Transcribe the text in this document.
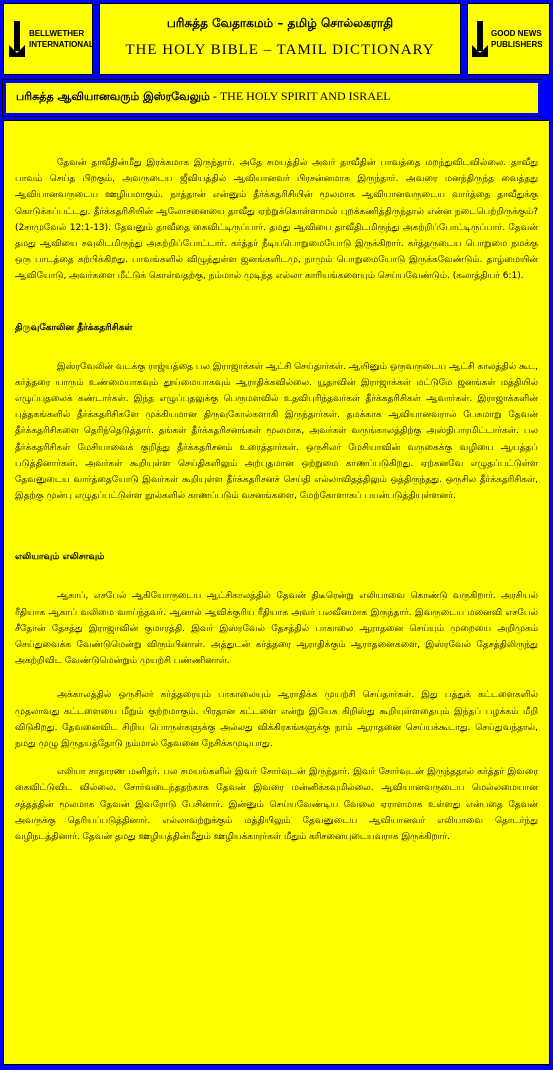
BELLWETHER
INTERNATIONAL
பரிசுத்த வேதாகமம் – தமிழ் சொல்லகராதி
THE HOLY BIBLE – TAMIL DICTIONARY
GOOD NEWS
PUBLISHERS
பரிசுத்த ஆவியானவரும் இஸ்ரவேலும் - THE HOLY SPIRIT AND ISRAEL

தேவன் தாவீதின்மீது இரக்கமாக இருந்தார். அதே சமயத்தில் அவர் தாவீதின் பாவத்தை மறந்துவிடவில்லை. தாவீது பாவம் செய்த பிறகும், அவருடைய ஜீவியத்தில் ஆவியானவர் பிரசன்னமாக இருந்தார். அவரை மனந்திருந்த வைத்தது ஆவியானவருடைய ஊழியமாகும். நாத்தான் என்னும் தீர்க்கதரிசியின் மூலமாக ஆவியானவருடைய வார்த்தை தாவீதுக்கு கொடுக்கப்பட்டது. தீர்க்கதரிசியின் ஆலோசனையை தாவீது ஏற்றுக்கொள்ளாமல் புறக்கணித்திருந்தால் என்ன நடைபெற்றிருக்கும்? (2சாமுவேல் 12:1-13). தேவனும் தாவீதை கைவிட்டிருப்பார். தமது ஆவியை தாவீதிடமிருந்து அகற்றிப்போட்டிருப்பார். தேவன் தமது ஆவியை சவுலிடமிருந்து அகற்றிப்போட்டார். கர்த்தர் நீடியபொறுமையோடு இருக்கிறார். கர்த்தருடைய பொறுமை நமக்கு ஒரு பாடத்தை கற்பிக்கிறது. பாவங்களில் விழுந்துள்ள ஜனங்களிடமு, நாமும் பொறுமையோடு இருக்கவேண்டும். தாழ்மையின் ஆவியோடு, அவர்களை மீட்டுக் கொள்வதற்கு, நம்மால் முடிந்த எல்லா காரியங்களையும் செய்யவேண்டும். (கலாத்தியர் 6:1).

திருவுகோலின தீர்க்கதரிசிகள்

இஸ்ரவேலின் வடக்கு ராஜ்யத்தை பல இராஜாக்கள் ஆட்சி செய்தார்கள். ஆயினும் ஒருவருடைய ஆட்சி காலத்தில் கூட, கர்த்தரை யாரும் உண்மையாகவும் தூய்மையாகவும் ஆராதிக்கவில்லை. யூதாவின் இராஜாக்கள் மட்டுமே ஜனங்கள் மத்தியில் எழுப்புதலைக் கண்டார்கள். இந்த எழுப்புதலுக்கு பெருமளவில் உதவிபுரிந்தவர்கள் தீர்க்கதரிசிகள் ஆவார்கள். இராஜாக்களின் புத்தகங்களில் தீர்க்கதரிசிகளே முக்கியமான திருவுகோல்களாகி இருந்தார்கள். தமக்காக ஆவியானவரால் பேசுமாறு தேவன் தீர்க்கதரிசிகளை தெரிந்தெடுத்தார். தங்கள் தீர்க்கதரிசனங்கள் மூலமாக, அவர்கள் வருங்காலத்திற்கு அஸ்திபாரமிட்டார்கள். பல தீர்க்கதரிசிகள் மேசியாவைக் குறித்து தீர்க்கதரிசனம் உரைத்தார்கள். ஒருசிலர் மேசியாவின் வருகைக்கு வழியை ஆயத்தப் படுத்தினார்கள். அவர்கள் கூறியுள்ள செய்திகளிலும் அற்புதமான ஒற்றுமை காணப்படுகிறது. ஏற்கனவே எழுதப்பட்டுள்ள தேவனுடைய வார்த்தையோடு இவர்கள் கூறியுள்ள தீர்க்கதரிசனச் செய்தி எல்லாவிதத்திலும் ஒத்திருந்தது. ஒருசில தீர்க்கதரிசிகள், இதற்கு முன்பு எழுதப்பட்டுள்ள நூல்களில் காணப்படும் வசனங்களை, மேற்கோளாகப் பயன்படுத்தியுள்ளனர்.

எலியாவும் எலிசாவும்

ஆகாப், எசபேல் ஆகியோருடைய ஆட்சிகாலத்தில் தேவன் திடீரென்று எலியாவை கொண்டு வருகிறார். அரசியல் ரீதியாக ஆகாப் வலிமை வாய்ந்தவர். ஆனால் ஆவிக்குரிய ரீதியாக அவர் பலவீனமாக இருந்தார். இவருடைய மனைவி எசபேல் சீதோன் தேசத்து இராஜாவின் குமாரத்தி. இவர் இஸ்ரவேல் தேசத்தில் பாகாலை ஆராதனை செய்யும் முறையை அறிமுகம் செய்துவைக்க வேண்டுமென்று விரும்பினாள். அத்துடன் கர்த்தரை ஆராதிக்கும் ஆராதனைகளை, இஸ்ரவேல் தேசத்திலிருந்து அகற்றிவிட வேண்டுமென்றும் முயற்சி பண்ணினாள்.

அக்காலத்தில் ஒருசிலர் கர்த்தரையும் பாகாலையும் ஆராதிக்க முயற்சி செய்தார்கள். இது பத்துக் கட்டளைகளில் முதலாவது கட்டளையை மீறும் குற்றமாகும். பிரதான கட்டளை என்று இயேசு கிறிஸ்து கூறியுள்ளதையும் இந்தப் பழக்கம் மீறி விடுகிறது. தேவனைவிட சிறிய பொருள்களுக்கு அல்லது விக்கிரகங்களுக்கு நாம் ஆராதனை செய்யக்கூடாது. செய்துவந்தால், நமது முழு இருதயத்தோடு நம்மால் தேவனை நேசிக்கமுடியாது.

எலியா சாதாரண மனிதர். பல சமயங்களில் இவர் சோர்வுடன் இருந்தார். இவர் சோர்வுடன் இருந்ததால் கர்த்தர் இவரை கைவிட்டுவிட வில்லை. சோர்வடைந்ததற்காக தேவன் இவரை மன்னிக்கவுமில்லை. ஆவியானவருடைய மெல்லமையான சத்தத்தின் மூலமாக தேவன் இவரோடு பேசினார். இன்னும் செய்யவேண்டிய வேலை ஏராளமாக உள்ளது என்பதை தேவன் அவருக்கு தெரியப்படுத்தினார். எல்லாவற்றுக்கும் மத்தியிலும் தேவனுடைய ஆவியானவர் எலியாவை தொடர்ந்து வழிநடத்தினார். தேவன் தமது ஊழியத்தின்மீதும் ஊழியக்காரர்கள் மீதும் கரிசனையுடையவராக இருக்கிறார்.
